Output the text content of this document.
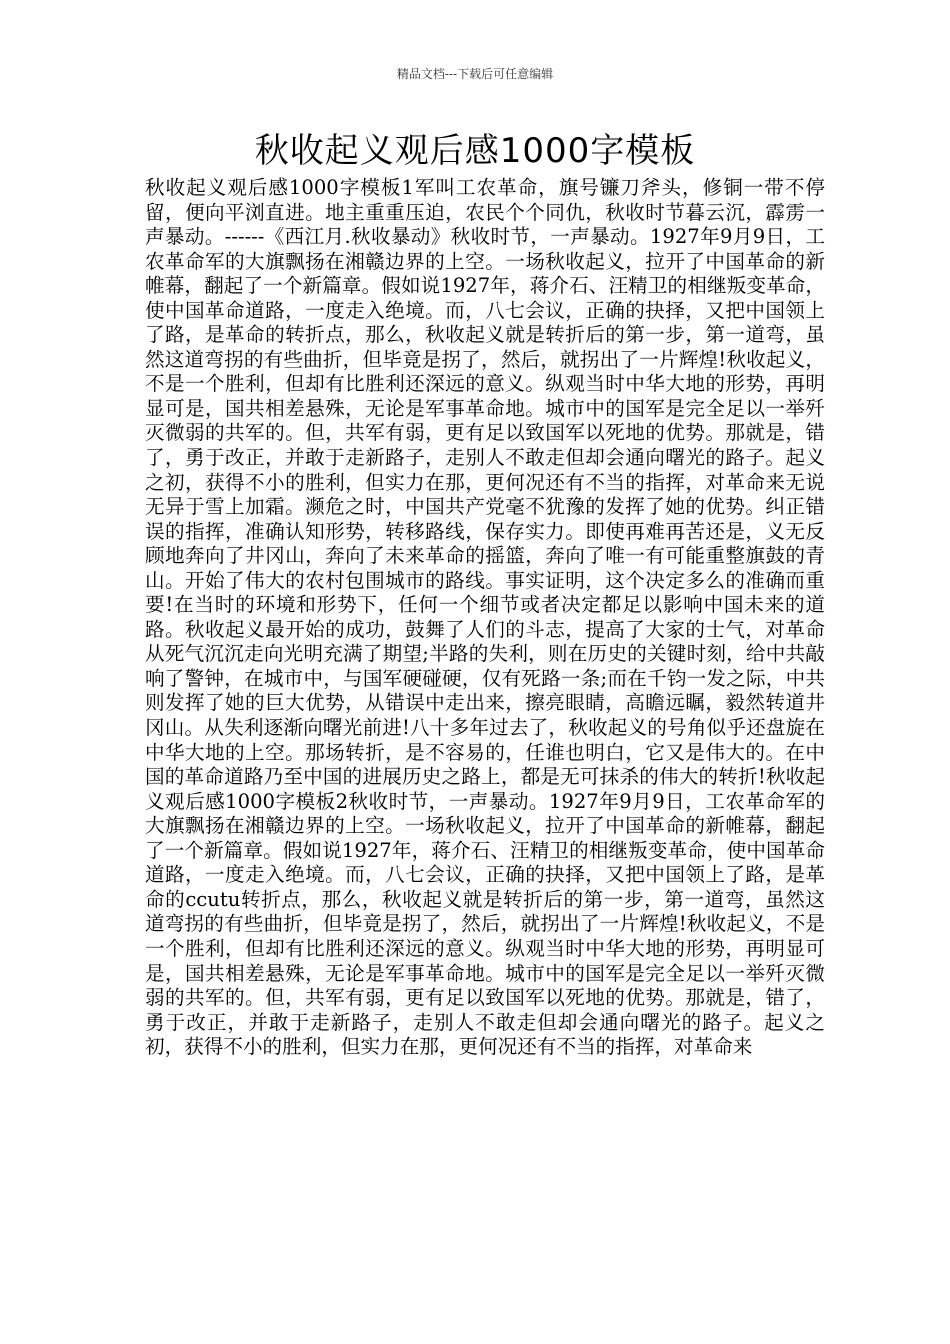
精品文档---下载后可任意编辑
秋收起义观后感1000字模板

秋收起义观后感1000字模板1军叫工农革命，旗号镰刀斧头，修铜一带不停留，便向平浏直进。地主重重压迫，农民个个同仇，秋收时节暮云沉，霹雳一声暴动。------《西江月.秋收暴动》秋收时节，一声暴动。1927年9月9日，工农革命军的大旗飘扬在湘赣边界的上空。一场秋收起义，拉开了中国革命的新帷幕，翻起了一个新篇章。假如说1927年，蒋介石、汪精卫的相继叛变革命，使中国革命道路，一度走入绝境。而，八七会议，正确的抉择，又把中国领上了路，是革命的转折点，那么，秋收起义就是转折后的第一步，第一道弯，虽然这道弯拐的有些曲折，但毕竟是拐了，然后，就拐出了一片辉煌!秋收起义，不是一个胜利，但却有比胜利还深远的意义。纵观当时中华大地的形势，再明显可是，国共相差悬殊，无论是军事革命地。城市中的国军是完全足以一举歼灭微弱的共军的。但，共军有弱，更有足以致国军以死地的优势。那就是，错了，勇于改正，并敢于走新路子，走别人不敢走但却会通向曙光的路子。起义之初，获得不小的胜利，但实力在那，更何况还有不当的指挥，对革命来无说无异于雪上加霜。濒危之时，中国共产党毫不犹豫的发挥了她的优势。纠正错误的指挥，准确认知形势，转移路线，保存实力。即使再难再苦还是，义无反顾地奔向了井冈山，奔向了未来革命的摇篮，奔向了唯一有可能重整旗鼓的青山。开始了伟大的农村包围城市的路线。事实证明，这个决定多么的准确而重要!在当时的环境和形势下，任何一个细节或者决定都足以影响中国未来的道路。秋收起义最开始的成功，鼓舞了人们的斗志，提高了大家的士气，对革命从死气沉沉走向光明充满了期望;半路的失利，则在历史的关键时刻，给中共敲响了警钟，在城市中，与国军硬碰硬，仅有死路一条;而在千钧一发之际，中共则发挥了她的巨大优势，从错误中走出来，擦亮眼睛，高瞻远瞩，毅然转道井冈山。从失利逐渐向曙光前进!八十多年过去了，秋收起义的号角似乎还盘旋在中华大地的上空。那场转折，是不容易的，任谁也明白，它又是伟大的。在中国的革命道路乃至中国的进展历史之路上，都是无可抹杀的伟大的转折!秋收起义观后感1000字模板2秋收时节，一声暴动。1927年9月9日，工农革命军的大旗飘扬在湘赣边界的上空。一场秋收起义，拉开了中国革命的新帷幕，翻起了一个新篇章。假如说1927年，蒋介石、汪精卫的相继叛变革命，使中国革命道路，一度走入绝境。而，八七会议，正确的抉择，又把中国领上了路，是革命的ccutu转折点，那么，秋收起义就是转折后的第一步，第一道弯，虽然这道弯拐的有些曲折，但毕竟是拐了，然后，就拐出了一片辉煌!秋收起义，不是一个胜利，但却有比胜利还深远的意义。纵观当时中华大地的形势，再明显可是，国共相差悬殊，无论是军事革命地。城市中的国军是完全足以一举歼灭微弱的共军的。但，共军有弱，更有足以致国军以死地的优势。那就是，错了，勇于改正，并敢于走新路子，走别人不敢走但却会通向曙光的路子。起义之初，获得不小的胜利，但实力在那，更何况还有不当的指挥，对革命来
